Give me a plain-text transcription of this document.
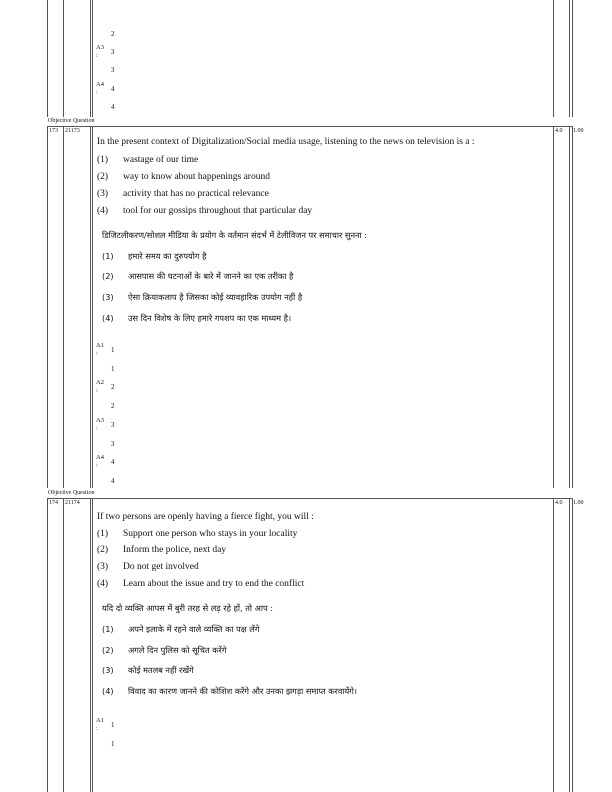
2
A3
: 3
3
A4
: 4
4
Objective Question
173 21173	4.0 1.00
In the present context of Digitalization/Social media usage, listening to the news on television is a :
(1) wastage of our time
(2) way to know about happenings around
(3) activity that has no practical relevance
(4) tool for our gossips throughout that particular day
डिजिटलीकरण/सोशल मीडिया के प्रयोग के वर्तमान संदर्भ में टेलीविजन पर समाचार सुनना :
(1) हमारे समय का दुरुपयोग है
(2) आसपास की घटनाओं के बारे में जानने का एक तरीका है
(3) ऐसा क्रियाकलाप है जिसका कोई व्यावहारिक उपयोग नहीं है
(4) उस दिन विशेष के लिए हमारे गपशप का एक माध्यम है।
A1
: 1
1
A2
: 2
2
A3
: 3
3
A4
: 4
4
Objective Question
174 21174	4.0 1.00
If two persons are openly having a fierce fight, you will :
(1) Support one person who stays in your locality
(2) Inform the police, next day
(3) Do not get involved
(4) Learn about the issue and try to end the conflict
यदि दो व्यक्ति आपस में बुरी तरह से लड़ रहे हों, तो आप :
(1) अपने इलाके में रहने वाले व्यक्ति का पक्ष लेंगे
(2) अगले दिन पुलिस को सूचित करेंगे
(3) कोई मतलब नहीं रखेंगे
(4) विवाद का कारण जानने की कोशिश करेंगे और उनका झगड़ा समाप्त करवायेंगे।
A1
: 1
1
